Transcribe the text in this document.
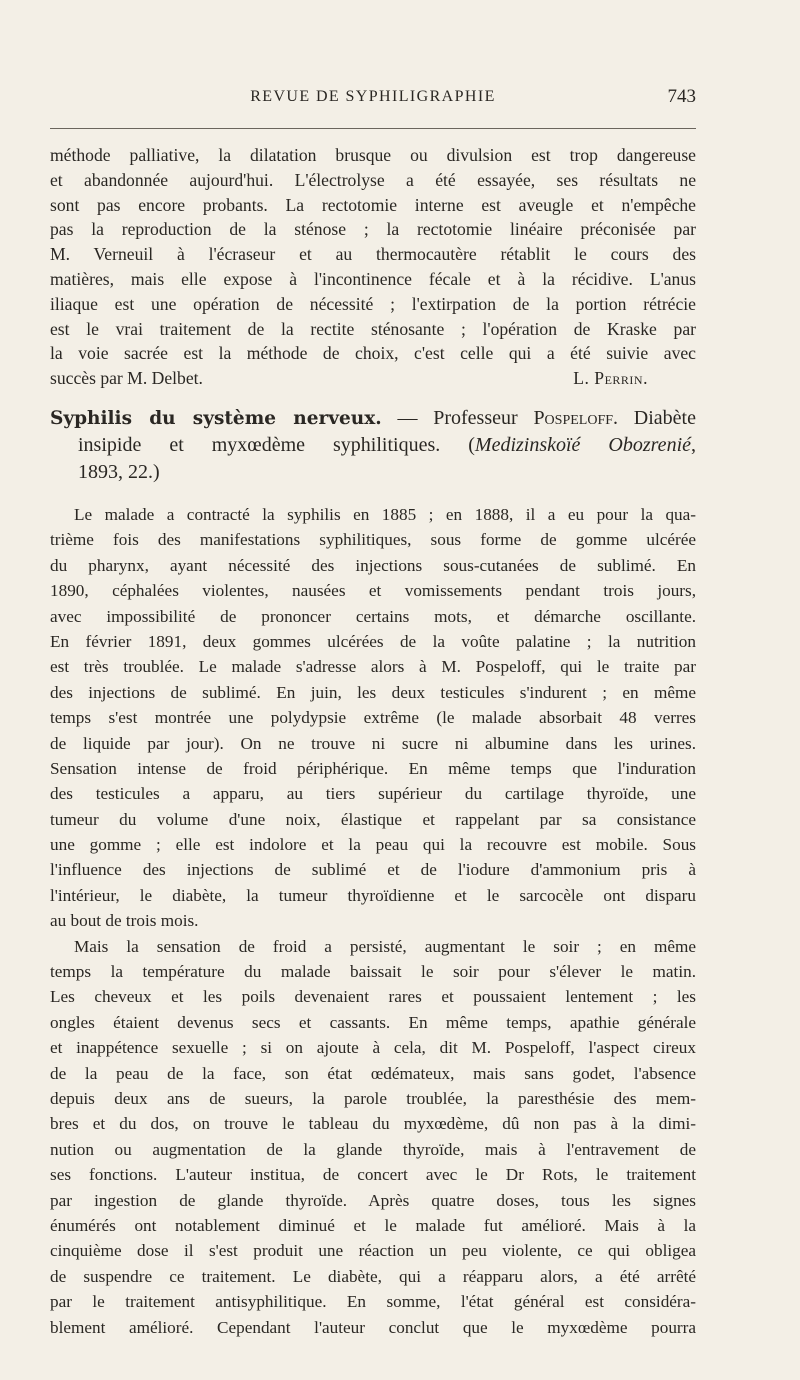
REVUE DE SYPHILIGRAPHIE	743
méthode palliative, la dilatation brusque ou divulsion est trop dangereuse
et abandonnée aujourd'hui. L'électrolyse a été essayée, ses résultats ne
sont pas encore probants. La rectotomie interne est aveugle et n'empêche
pas la reproduction de la sténose ; la rectotomie linéaire préconisée par
M. Verneuil à l'écraseur et au thermocautère rétablit le cours des
matières, mais elle expose à l'incontinence fécale et à la récidive. L'anus
iliaque est une opération de nécessité ; l'extirpation de la portion rétrécie
est le vrai traitement de la rectite sténosante ; l'opération de Kraske par
la voie sacrée est la méthode de choix, c'est celle qui a été suivie avec
succès par M. Delbet.	L. Perrin.
Syphilis du système nerveux. — Professeur Pospeloff. Diabète
insipide et myxœdème syphilitiques. (Medizinskoïé Obozrenié,
1893, 22.)
Le malade a contracté la syphilis en 1885 ; en 1888, il a eu pour la qua-
trième fois des manifestations syphilitiques, sous forme de gomme ulcérée
du pharynx, ayant nécessité des injections sous-cutanées de sublimé. En
1890, céphalées violentes, nausées et vomissements pendant trois jours,
avec impossibilité de prononcer certains mots, et démarche oscillante.
En février 1891, deux gommes ulcérées de la voûte palatine ; la nutrition
est très troublée. Le malade s'adresse alors à M. Pospeloff, qui le traite par
des injections de sublimé. En juin, les deux testicules s'indurent ; en même
temps s'est montrée une polydypsie extrême (le malade absorbait 48 verres
de liquide par jour). On ne trouve ni sucre ni albumine dans les urines.
Sensation intense de froid périphérique. En même temps que l'induration
des testicules a apparu, au tiers supérieur du cartilage thyroïde, une
tumeur du volume d'une noix, élastique et rappelant par sa consistance
une gomme ; elle est indolore et la peau qui la recouvre est mobile. Sous
l'influence des injections de sublimé et de l'iodure d'ammonium pris à
l'intérieur, le diabète, la tumeur thyroïdienne et le sarcocèle ont disparu
au bout de trois mois.
Mais la sensation de froid a persisté, augmentant le soir ; en même
temps la température du malade baissait le soir pour s'élever le matin.
Les cheveux et les poils devenaient rares et poussaient lentement ; les
ongles étaient devenus secs et cassants. En même temps, apathie générale
et inappétence sexuelle ; si on ajoute à cela, dit M. Pospeloff, l'aspect cireux
de la peau de la face, son état œdémateux, mais sans godet, l'absence
depuis deux ans de sueurs, la parole troublée, la paresthésie des mem-
bres et du dos, on trouve le tableau du myxœdème, dû non pas à la dimi-
nution ou augmentation de la glande thyroïde, mais à l'entravement de
ses fonctions. L'auteur institua, de concert avec le Dr Rots, le traitement
par ingestion de glande thyroïde. Après quatre doses, tous les signes
énumérés ont notablement diminué et le malade fut amélioré. Mais à la
cinquième dose il s'est produit une réaction un peu violente, ce qui obligea
de suspendre ce traitement. Le diabète, qui a réapparu alors, a été arrêté
par le traitement antisyphilitique. En somme, l'état général est considéra-
blement amélioré. Cependant l'auteur conclut que le myxœdème pourra
